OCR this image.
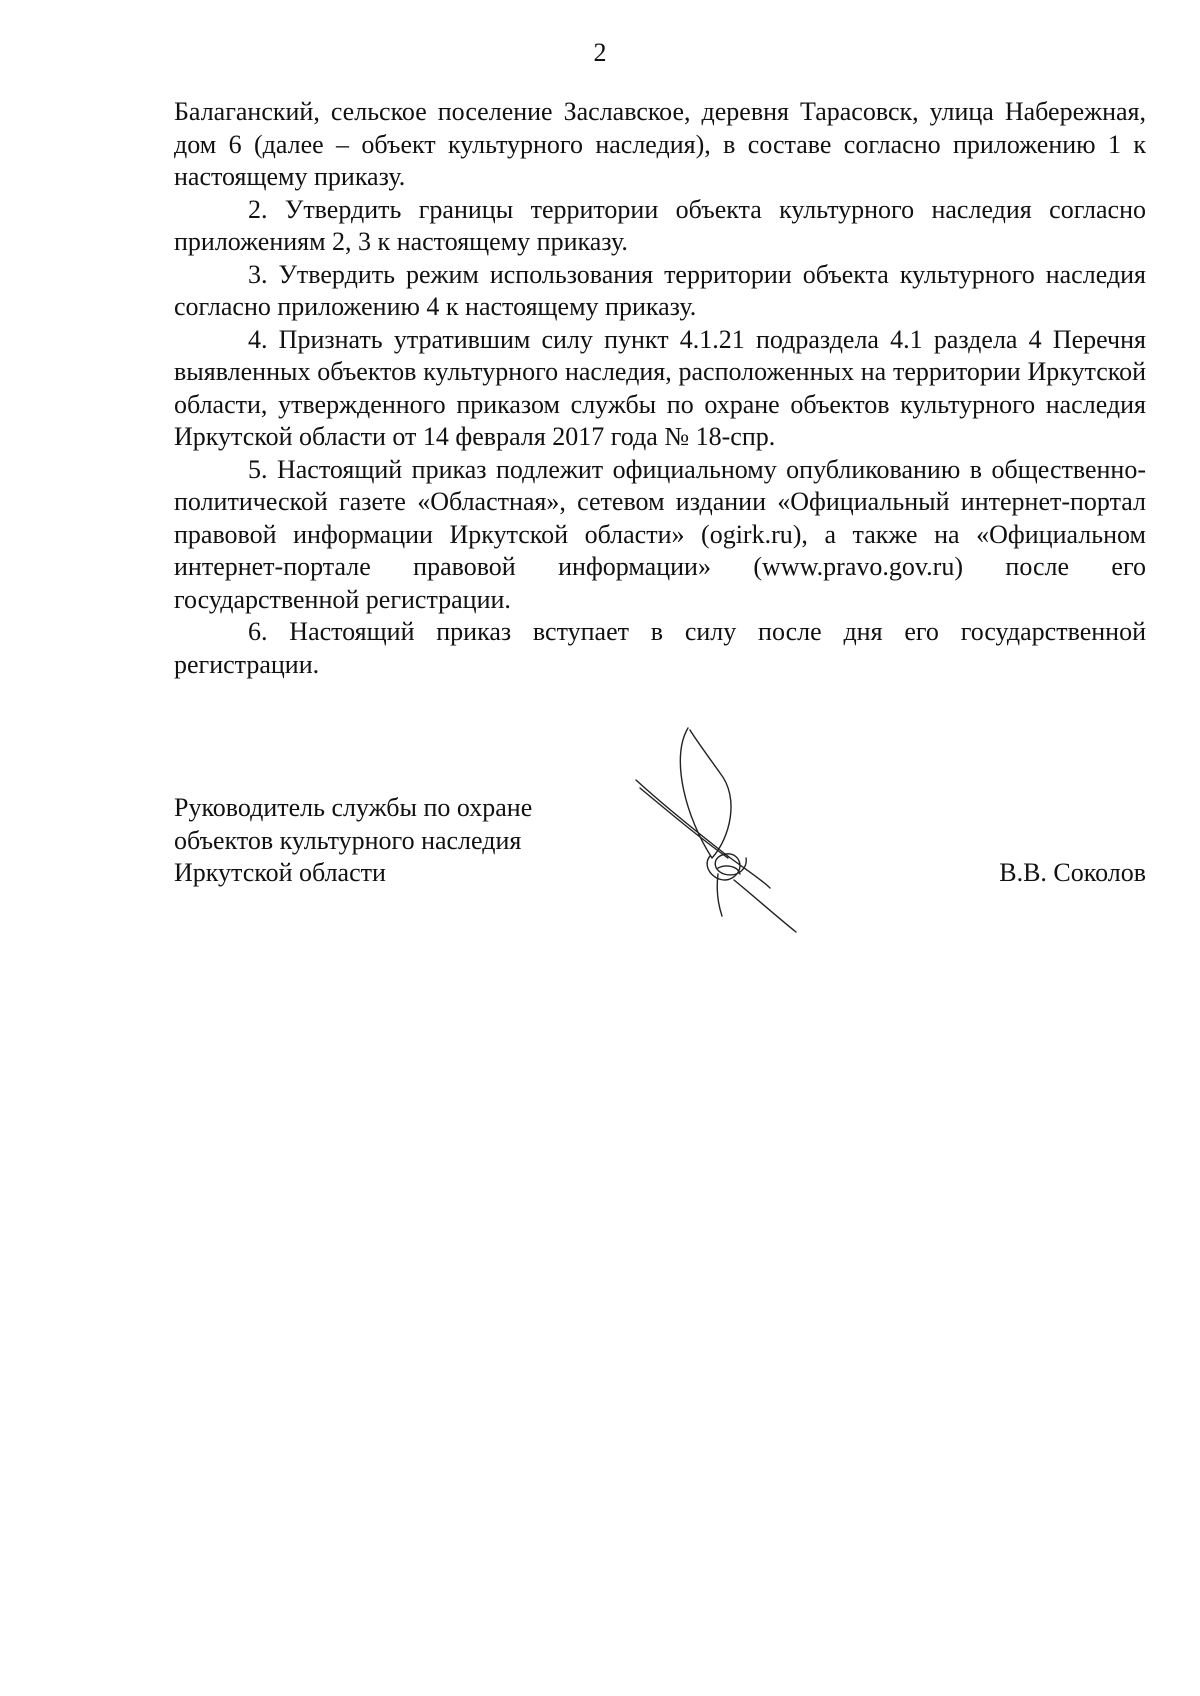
2

Балаганский, сельское поселение Заславское, деревня Тарасовск, улица Набережная, дом 6 (далее – объект культурного наследия), в составе согласно приложению 1 к настоящему приказу.

2. Утвердить границы территории объекта культурного наследия согласно приложениям 2, 3 к настоящему приказу.

3. Утвердить режим использования территории объекта культурного наследия согласно приложению 4 к настоящему приказу.

4. Признать утратившим силу пункт 4.1.21 подраздела 4.1 раздела 4 Перечня выявленных объектов культурного наследия, расположенных на территории Иркутской области, утвержденного приказом службы по охране объектов культурного наследия Иркутской области от 14 февраля 2017 года № 18-спр.

5. Настоящий приказ подлежит официальному опубликованию в общественно-политической газете «Областная», сетевом издании «Официальный интернет-портал правовой информации Иркутской области» (ogirk.ru), а также на «Официальном интернет-портале правовой информации» (www.pravo.gov.ru) после его государственной регистрации.

6. Настоящий приказ вступает в силу после дня его государственной регистрации.

Руководитель службы по охране
объектов культурного наследия
Иркутской области	В.В. Соколов
